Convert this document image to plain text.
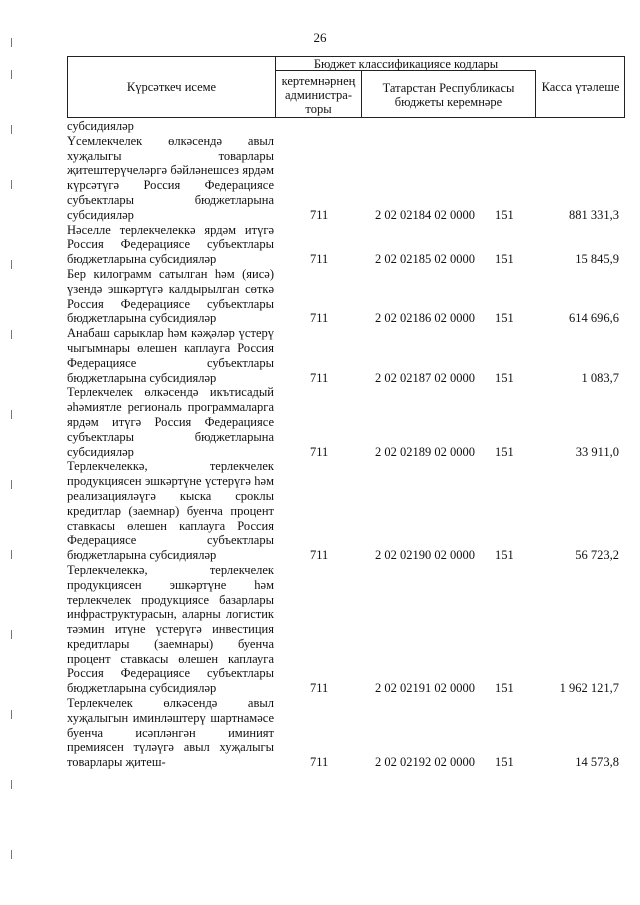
26
Күрсәткеч исеме
Бюджет классификациясе кодлары
кертемнәрнең администра-торы
Татарстан Республикасы бюджеты керемнәре
Касса үтәлеше
субсидияләр
Үсемлекчелек өлкәсендә авыл хуҗалыгы товарлары җитештерүчеләргә бәйләнешсез ярдәм күрсәтүгә Россия Федерациясе субъектлары бюджетларына субсидияләр	711	2 02 02184 02 0000 151	881 331,3
Нәселле терлекчелеккә ярдәм итүгә Россия Федерациясе субъектлары бюджетларына субсидияләр	711	2 02 02185 02 0000 151	15 845,9
Бер килограмм сатылган һәм (яисә) үзендә эшкәртүгә калдырылган сөткә Россия Федерациясе субъектлары бюджетларына субсидияләр	711	2 02 02186 02 0000 151	614 696,6
Анабаш сарыклар һәм кәҗәләр үстерү чыгымнары өлешен каплауга Россия Федерациясе субъектлары бюджетларына субсидияләр	711	2 02 02187 02 0000 151	1 083,7
Терлекчелек өлкәсендә икътисадый әһәмиятле региональ программаларга ярдәм итүгә Россия Федерациясе субъектлары бюджетларына субсидияләр	711	2 02 02189 02 0000 151	33 911,0
Терлекчелеккә, терлекчелек продукциясен эшкәртүне үстерүгә һәм реализацияләүгә кыска сроклы кредитлар (заемнар) буенча процент ставкасы өлешен каплауга Россия Федерациясе субъектлары бюджетларына субсидияләр	711	2 02 02190 02 0000 151	56 723,2
Терлекчелеккә, терлекчелек продукциясен эшкәртүне һәм терлекчелек продукциясе базарлары инфраструктурасын, аларны логистик тәэмин итүне үстерүгә инвестиция кредитлары (заемнары) буенча процент ставкасы өлешен каплауга Россия Федерациясе субъектлары бюджетларына субсидияләр	711	2 02 02191 02 0000 151	1 962 121,7
Терлекчелек өлкәсендә авыл хуҗалыгын иминләштерү шартнамәсе буенча исәпләнгән иминият премиясен түләүгә авыл хуҗалыгы товарлары җитеш-	711	2 02 02192 02 0000 151	14 573,8
